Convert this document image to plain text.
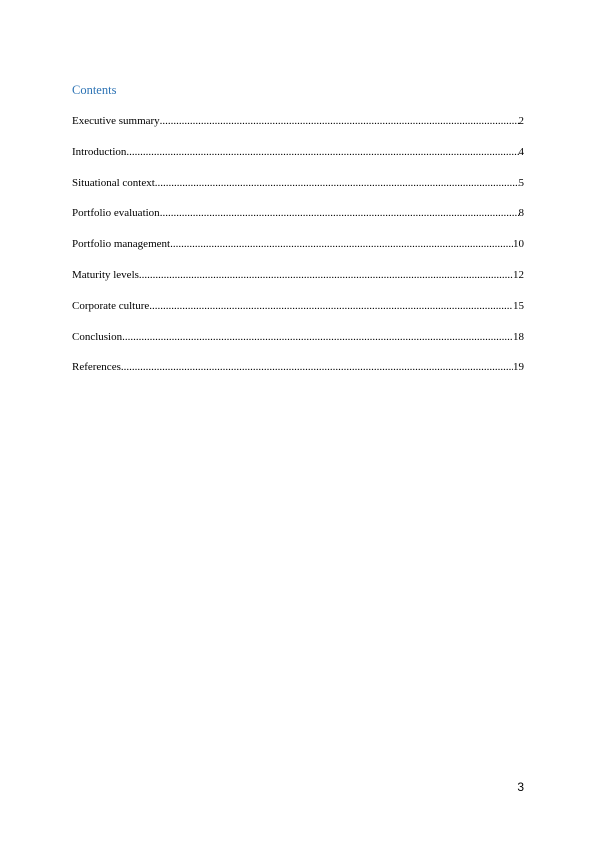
Contents
Executive summary .....	2
Introduction .....	4
Situational context .....	5
Portfolio evaluation .....	8
Portfolio management .....	10
Maturity levels .....	12
Corporate culture .....	15
Conclusion .....	18
References .....	19
3
